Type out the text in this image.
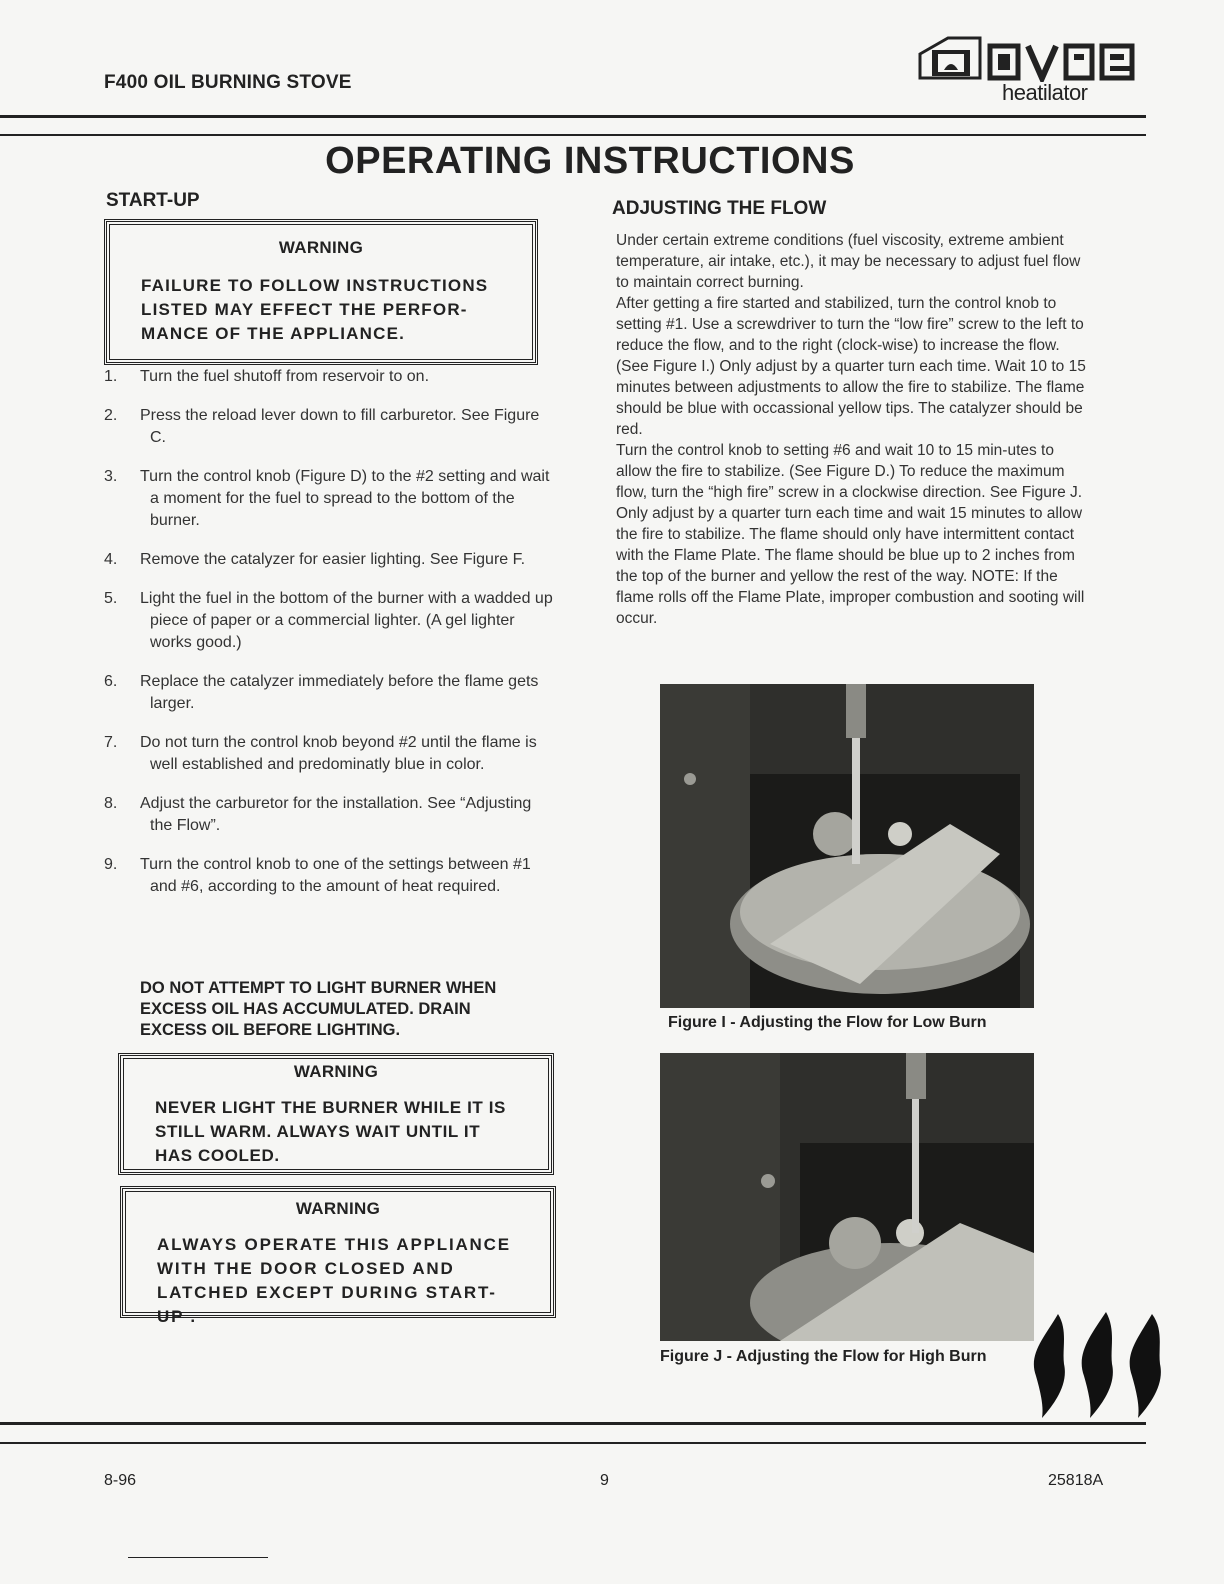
F400 OIL BURNING STOVE	heatilator
OPERATING INSTRUCTIONS
START-UP
WARNING
FAILURE TO FOLLOW INSTRUCTIONS LISTED MAY EFFECT THE PERFOR-MANCE OF THE APPLIANCE.
1. Turn the fuel shutoff from reservoir to on.
2. Press the reload lever down to fill carburetor. See Figure C.
3. Turn the control knob (Figure D) to the #2 setting and wait a moment for the fuel to spread to the bottom of the burner.
4. Remove the catalyzer for easier lighting. See Figure F.
5. Light the fuel in the bottom of the burner with a wadded up piece of paper or a commercial lighter. (A gel lighter works good.)
6. Replace the catalyzer immediately before the flame gets larger.
7. Do not turn the control knob beyond #2 until the flame is well established and predominatly blue in color.
8. Adjust the carburetor for the installation. See “Adjusting the Flow”.
9. Turn the control knob to one of the settings between #1 and #6, according to the amount of heat required.
DO NOT ATTEMPT TO LIGHT BURNER WHEN EXCESS OIL HAS ACCUMULATED. DRAIN EXCESS OIL BEFORE LIGHTING.
WARNING
NEVER LIGHT THE BURNER WHILE IT IS STILL WARM. ALWAYS WAIT UNTIL IT HAS COOLED.
WARNING
ALWAYS OPERATE THIS APPLIANCE WITH THE DOOR CLOSED AND LATCHED EXCEPT DURING START-UP .
ADJUSTING THE FLOW

Under certain extreme conditions (fuel viscosity, extreme ambient temperature, air intake, etc.), it may be necessary to adjust fuel flow to maintain correct burning.

After getting a fire started and stabilized, turn the control knob to setting #1. Use a screwdriver to turn the “low fire” screw to the left to reduce the flow, and to the right (clock-wise) to increase the flow. (See Figure I.) Only adjust by a quarter turn each time. Wait 10 to 15 minutes between adjustments to allow the fire to stabilize. The flame should be blue with occassional yellow tips. The catalyzer should be red.

Turn the control knob to setting #6 and wait 10 to 15 min-utes to allow the fire to stabilize. (See Figure D.) To reduce the maximum flow, turn the “high fire” screw in a clockwise direction. See Figure J. Only adjust by a quarter turn each time and wait 15 minutes to allow the fire to stabilize. The flame should only have intermittent contact with the Flame Plate. The flame should be blue up to 2 inches from the top of the burner and yellow the rest of the way. NOTE: If the flame rolls off the Flame Plate, improper combustion and sooting will occur.

Figure I - Adjusting the Flow for Low Burn
Figure J - Adjusting the Flow for High Burn
8-96	9	25818A
